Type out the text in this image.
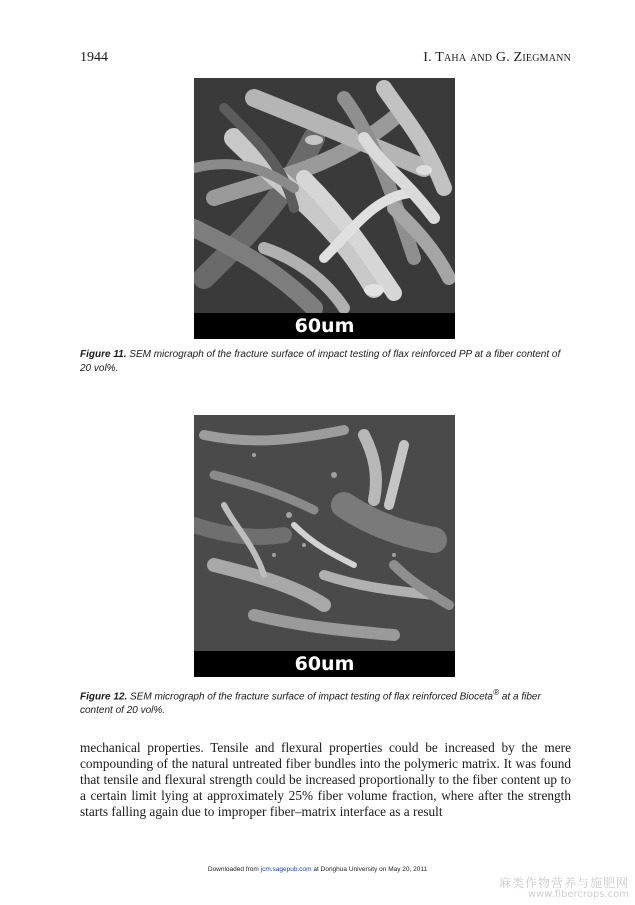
1944	I. Taha and G. Ziegmann
60um
Figure 11. SEM micrograph of the fracture surface of impact testing of flax reinforced PP at a fiber content of 20 vol%.
60um
Figure 12. SEM micrograph of the fracture surface of impact testing of flax reinforced Bioceta® at a fiber content of 20 vol%.
mechanical properties. Tensile and flexural properties could be increased by the mere compounding of the natural untreated fiber bundles into the polymeric matrix. It was found that tensile and flexural strength could be increased proportionally to the fiber content up to a certain limit lying at approximately 25% fiber volume fraction, where after the strength starts falling again due to improper fiber–matrix interface as a result
Downloaded from jcm.sagepub.com at Donghua University on May 20, 2011
麻类作物营养与施肥网
www.fibercrops.com
